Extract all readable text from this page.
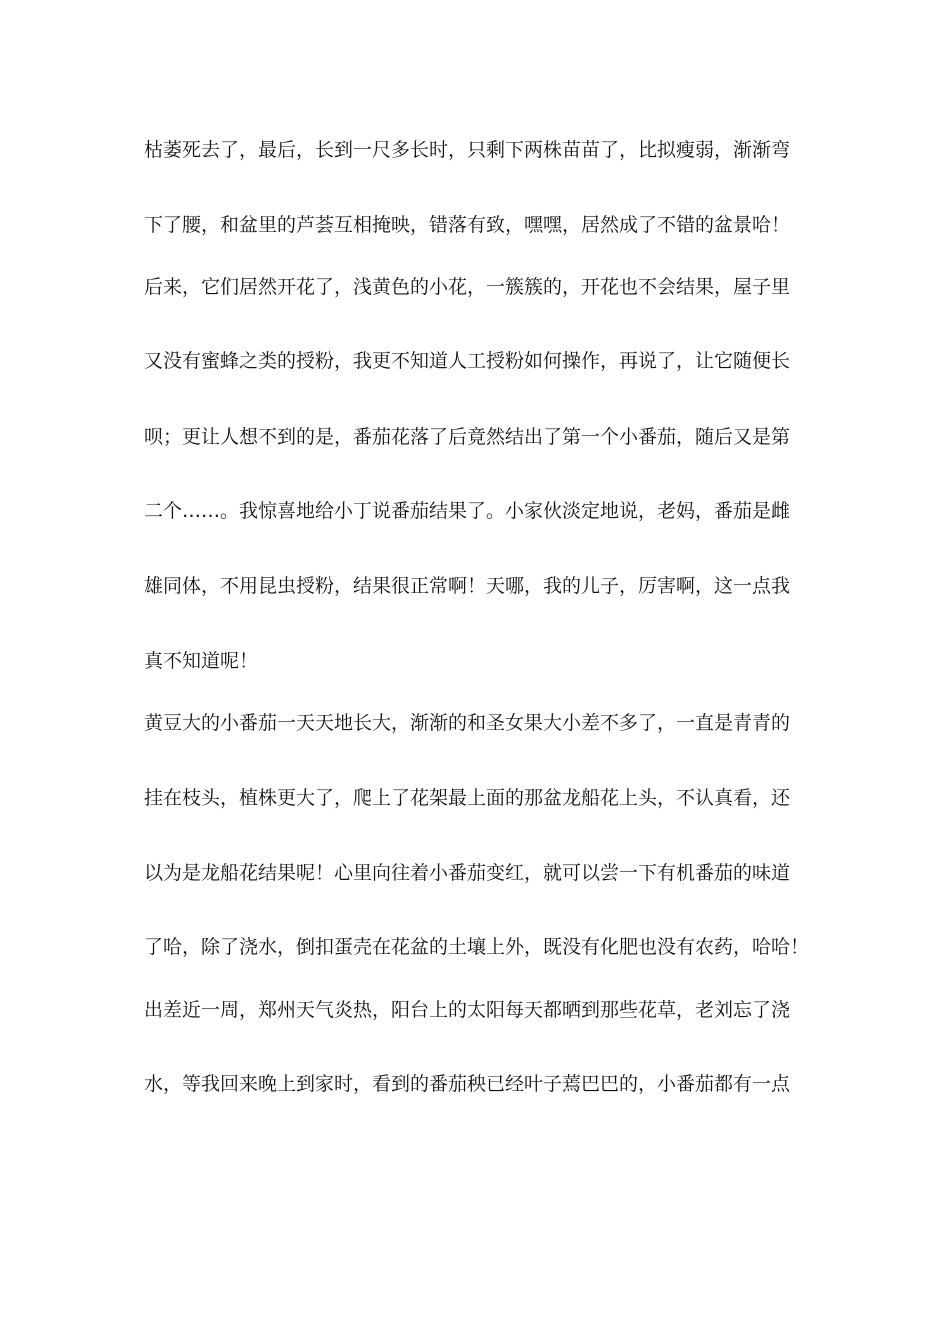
枯萎死去了，最后，长到一尺多长时，只剩下两株苗苗了，比拟瘦弱，渐渐弯
下了腰，和盆里的芦荟互相掩映，错落有致，嘿嘿，居然成了不错的盆景哈！
后来，它们居然开花了，浅黄色的小花，一簇簇的，开花也不会结果，屋子里
又没有蜜蜂之类的授粉，我更不知道人工授粉如何操作，再说了，让它随便长
呗；更让人想不到的是，番茄花落了后竟然结出了第一个小番茄，随后又是第
二个……。我惊喜地给小丁说番茄结果了。小家伙淡定地说，老妈，番茄是雌
雄同体，不用昆虫授粉，结果很正常啊！天哪，我的儿子，厉害啊，这一点我
真不知道呢！
黄豆大的小番茄一天天地长大，渐渐的和圣女果大小差不多了，一直是青青的
挂在枝头，植株更大了，爬上了花架最上面的那盆龙船花上头，不认真看，还
以为是龙船花结果呢！心里向往着小番茄变红，就可以尝一下有机番茄的味道
了哈，除了浇水，倒扣蛋壳在花盆的土壤上外，既没有化肥也没有农药，哈哈！
出差近一周，郑州天气炎热，阳台上的太阳每天都晒到那些花草，老刘忘了浇
水，等我回来晚上到家时，看到的番茄秧已经叶子蔫巴巴的，小番茄都有一点
